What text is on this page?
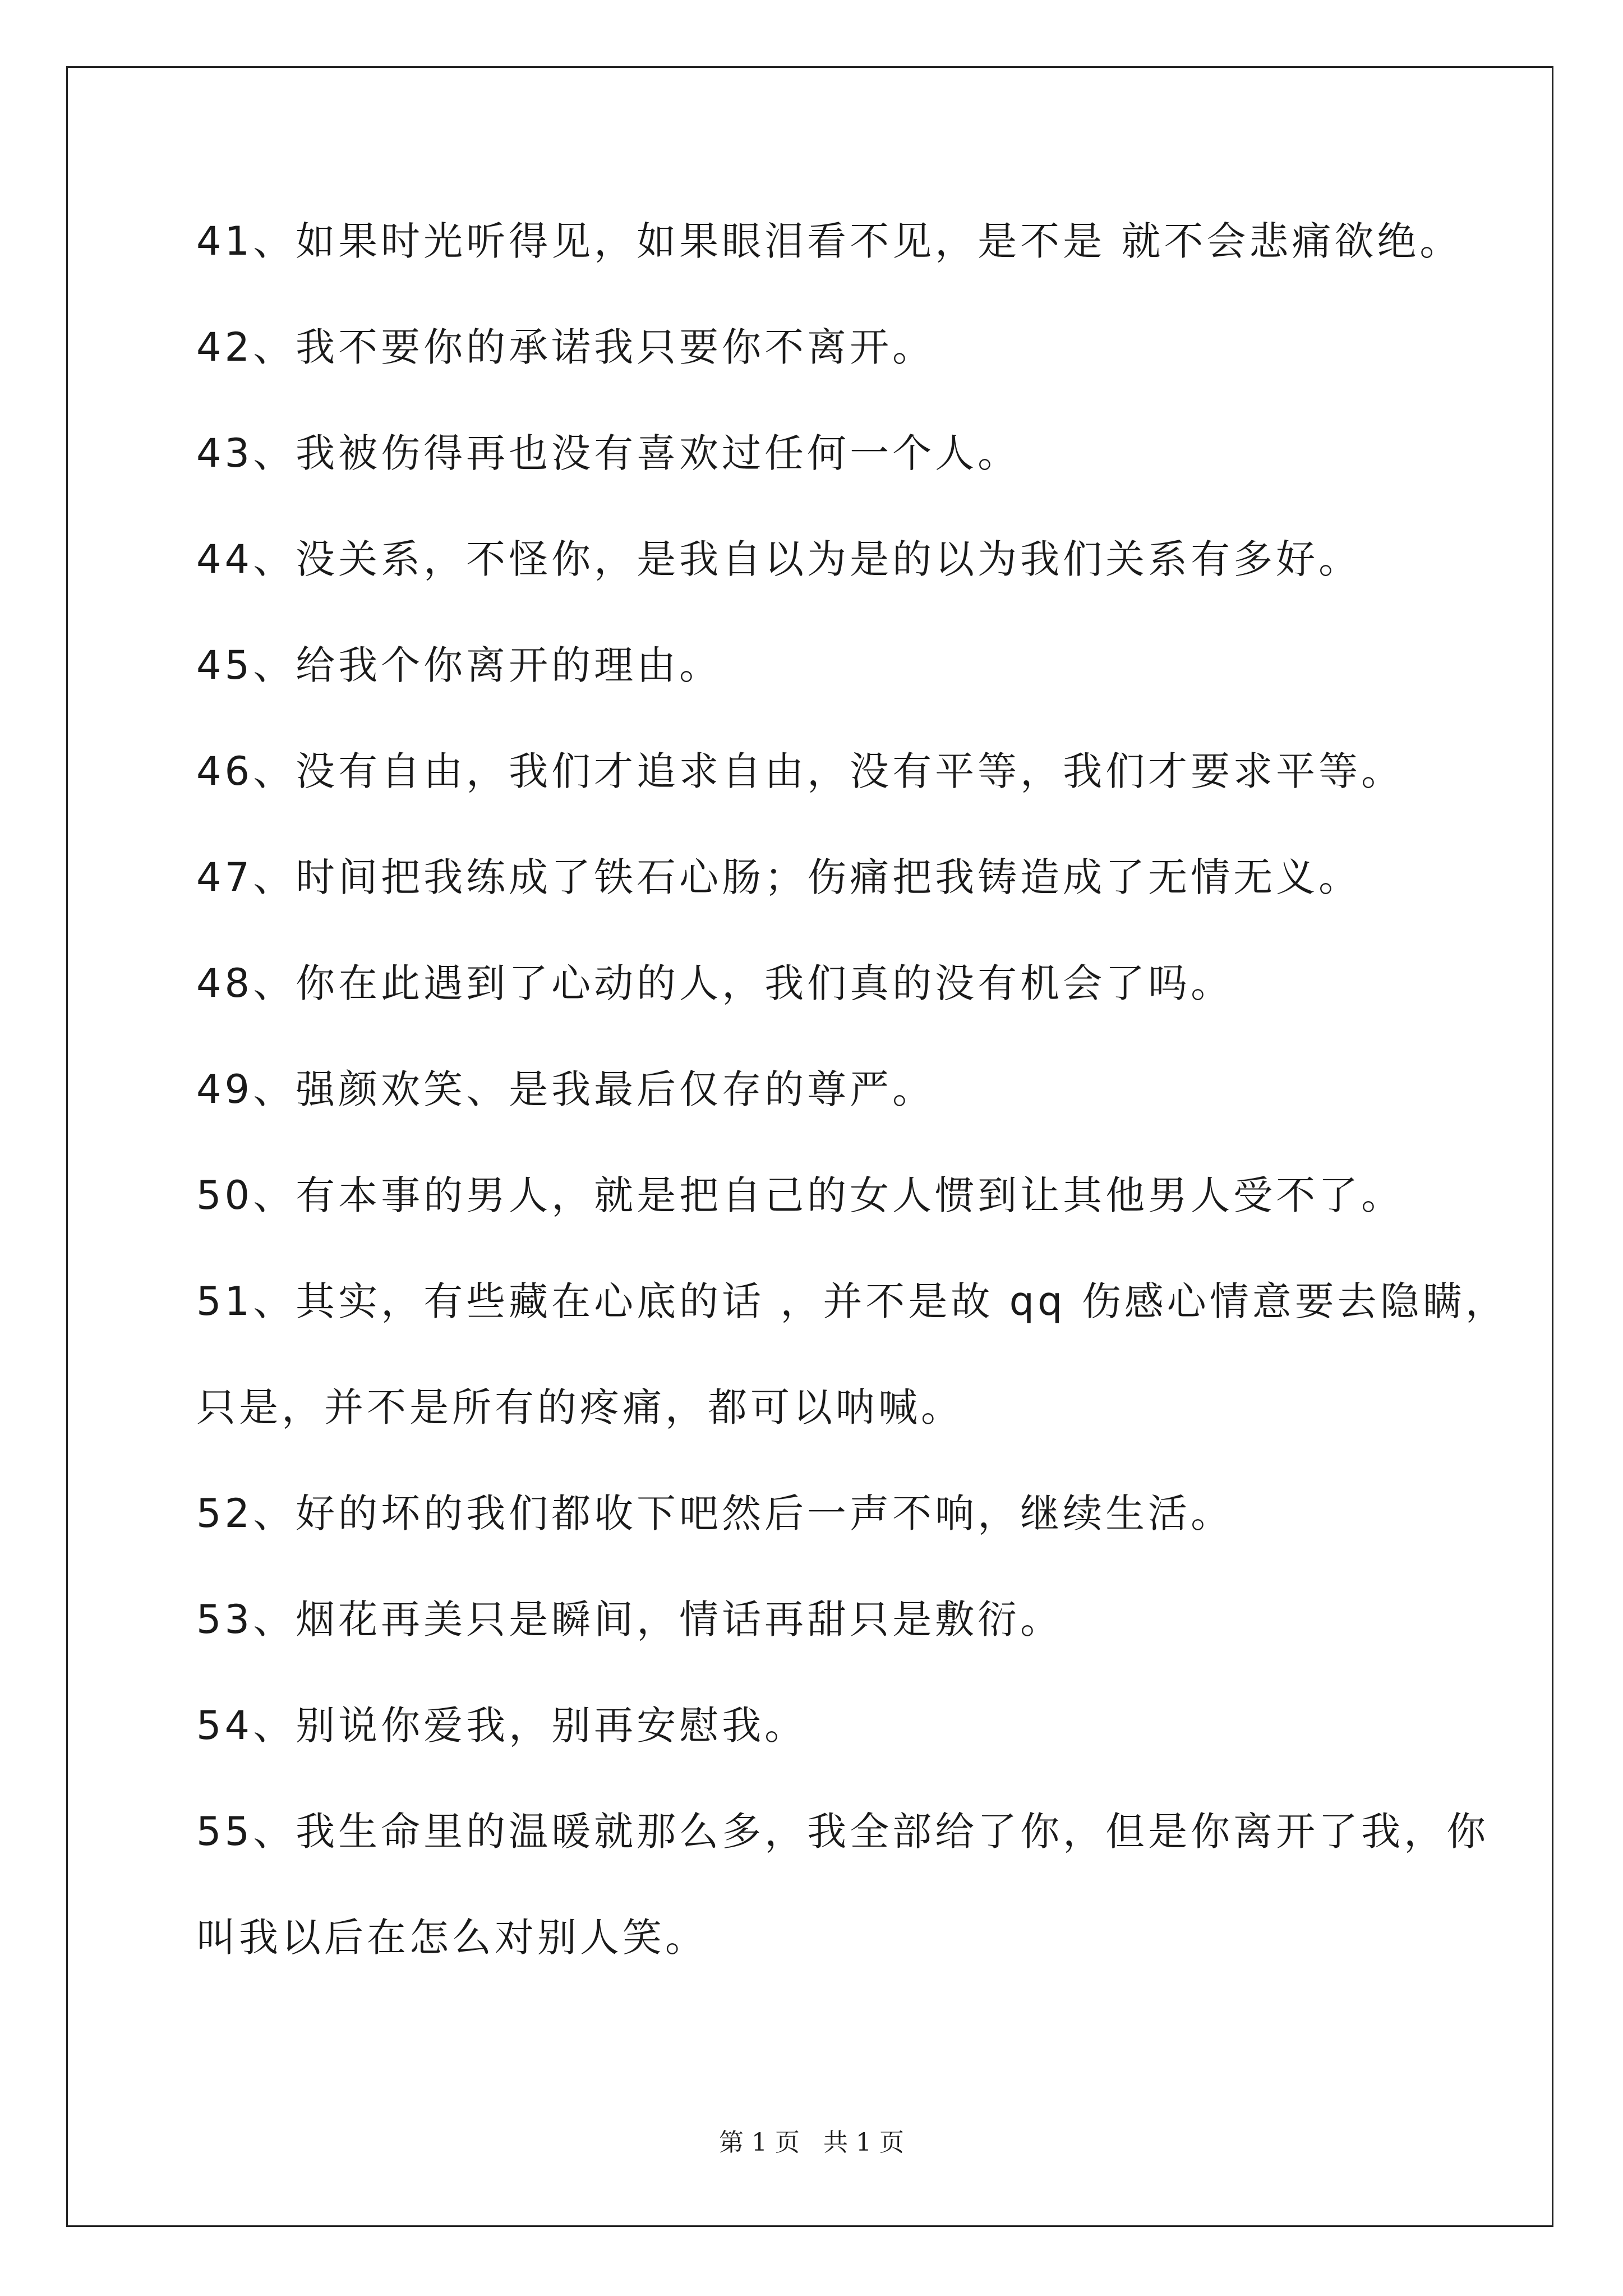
41、如果时光听得见，如果眼泪看不见，是不是 就不会悲痛欲绝。
42、我不要你的承诺我只要你不离开。
43、我被伤得再也没有喜欢过任何一个人。
44、没关系，不怪你，是我自以为是的以为我们关系有多好。
45、给我个你离开的理由。
46、没有自由，我们才追求自由，没有平等，我们才要求平等。
47、时间把我练成了铁石心肠；伤痛把我铸造成了无情无义。
48、你在此遇到了心动的人，我们真的没有机会了吗。
49、强颜欢笑、是我最后仅存的尊严。
50、有本事的男人，就是把自己的女人惯到让其他男人受不了。
51、其实，有些藏在心底的话 ，并不是故 qq 伤感心情意要去隐瞒，
只是，并不是所有的疼痛，都可以呐喊。
52、好的坏的我们都收下吧然后一声不响，继续生活。
53、烟花再美只是瞬间，情话再甜只是敷衍。
54、别说你爱我，别再安慰我。
55、我生命里的温暖就那么多，我全部给了你，但是你离开了我，你
叫我以后在怎么对别人笑。
第 1 页   共 1 页
